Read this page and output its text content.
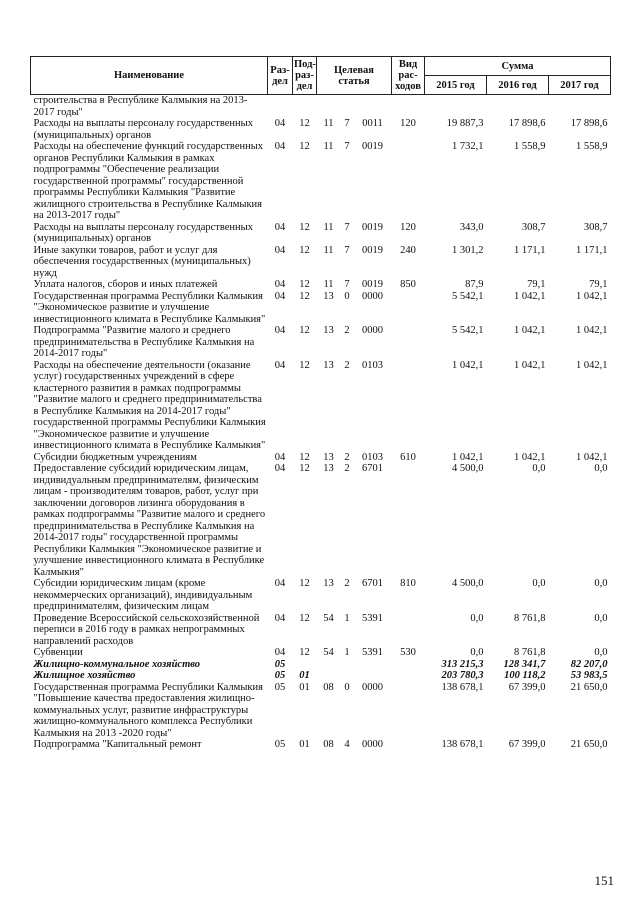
Наименование	Раз-дел	Под-раз-дел	Целевая статья			Вид рас-ходов	Сумма		
							2015 год	2016 год	2017 год
строительства в Республике Калмыкия на 2013-2017 годы"									
Расходы на выплаты персоналу государственных (муниципальных) органов	04	12	11	7	0011	120	19 887,3	17 898,6	17 898,6
Расходы на обеспечение функций государственных органов Республики Калмыкия в рамках подпрограммы "Обеспечение реализации государственной программы" государственной программы Республики Калмыкия "Развитие жилищного строительства в Республике Калмыкия на 2013-2017 годы"	04	12	11	7	0019		1 732,1	1 558,9	1 558,9
Расходы на выплаты персоналу государственных (муниципальных) органов	04	12	11	7	0019	120	343,0	308,7	308,7
Иные закупки товаров, работ и услуг для обеспечения государственных (муниципальных) нужд	04	12	11	7	0019	240	1 301,2	1 171,1	1 171,1
Уплата налогов, сборов и иных платежей	04	12	11	7	0019	850	87,9	79,1	79,1
Государственная программа Республики Калмыкия "Экономическое развитие и улучшение инвестиционного климата в Республике Калмыкия"	04	12	13	0	0000		5 542,1	1 042,1	1 042,1
Подпрограмма "Развитие малого и среднего предпринимательства в Республике Калмыкия на 2014-2017 годы"	04	12	13	2	0000		5 542,1	1 042,1	1 042,1
Расходы на обеспечение деятельности (оказание услуг) государственных учреждений в сфере кластерного развития в рамках подпрограммы "Развитие малого и среднего предпринимательства в Республике Калмыкия на 2014-2017 годы" государственной программы Республики Калмыкия "Экономическое развитие и улучшение инвестиционного климата в Республике Калмыкия"	04	12	13	2	0103		1 042,1	1 042,1	1 042,1
Субсидии бюджетным учреждениям	04	12	13	2	0103	610	1 042,1	1 042,1	1 042,1
Предоставление субсидий юридическим лицам, индивидуальным предпринимателям, физическим лицам - производителям товаров, работ, услуг при заключении договоров лизинга оборудования в рамках подпрограммы "Развитие малого и среднего предпринимательства в Республике Калмыкия на 2014-2017 годы" государственной программы Республики Калмыкия "Экономическое развитие и улучшение инвестиционного климата в Республике Калмыкия"	04	12	13	2	6701		4 500,0	0,0	0,0
Субсидии юридическим лицам (кроме некоммерческих организаций), индивидуальным предпринимателям, физическим лицам	04	12	13	2	6701	810	4 500,0	0,0	0,0
Проведение Всероссийской сельскохозяйственной переписи в 2016 году в рамках непрограммных направлений расходов	04	12	54	1	5391		0,0	8 761,8	0,0
Субвенции	04	12	54	1	5391	530	0,0	8 761,8	0,0
Жилищно-коммунальное хозяйство	05						313 215,3	128 341,7	82 207,0
Жилищное хозяйство	05	01					203 780,3	100 118,2	53 983,5
Государственная программа Республики Калмыкия "Повышение качества предоставления жилищно-коммунальных услуг, развитие инфраструктуры жилищно-коммунального комплекса Республики Калмыкия на 2013 -2020 годы"	05	01	08	0	0000		138 678,1	67 399,0	21 650,0
Подпрограмма "Капитальный ремонт	05	01	08	4	0000		138 678,1	67 399,0	21 650,0
151
